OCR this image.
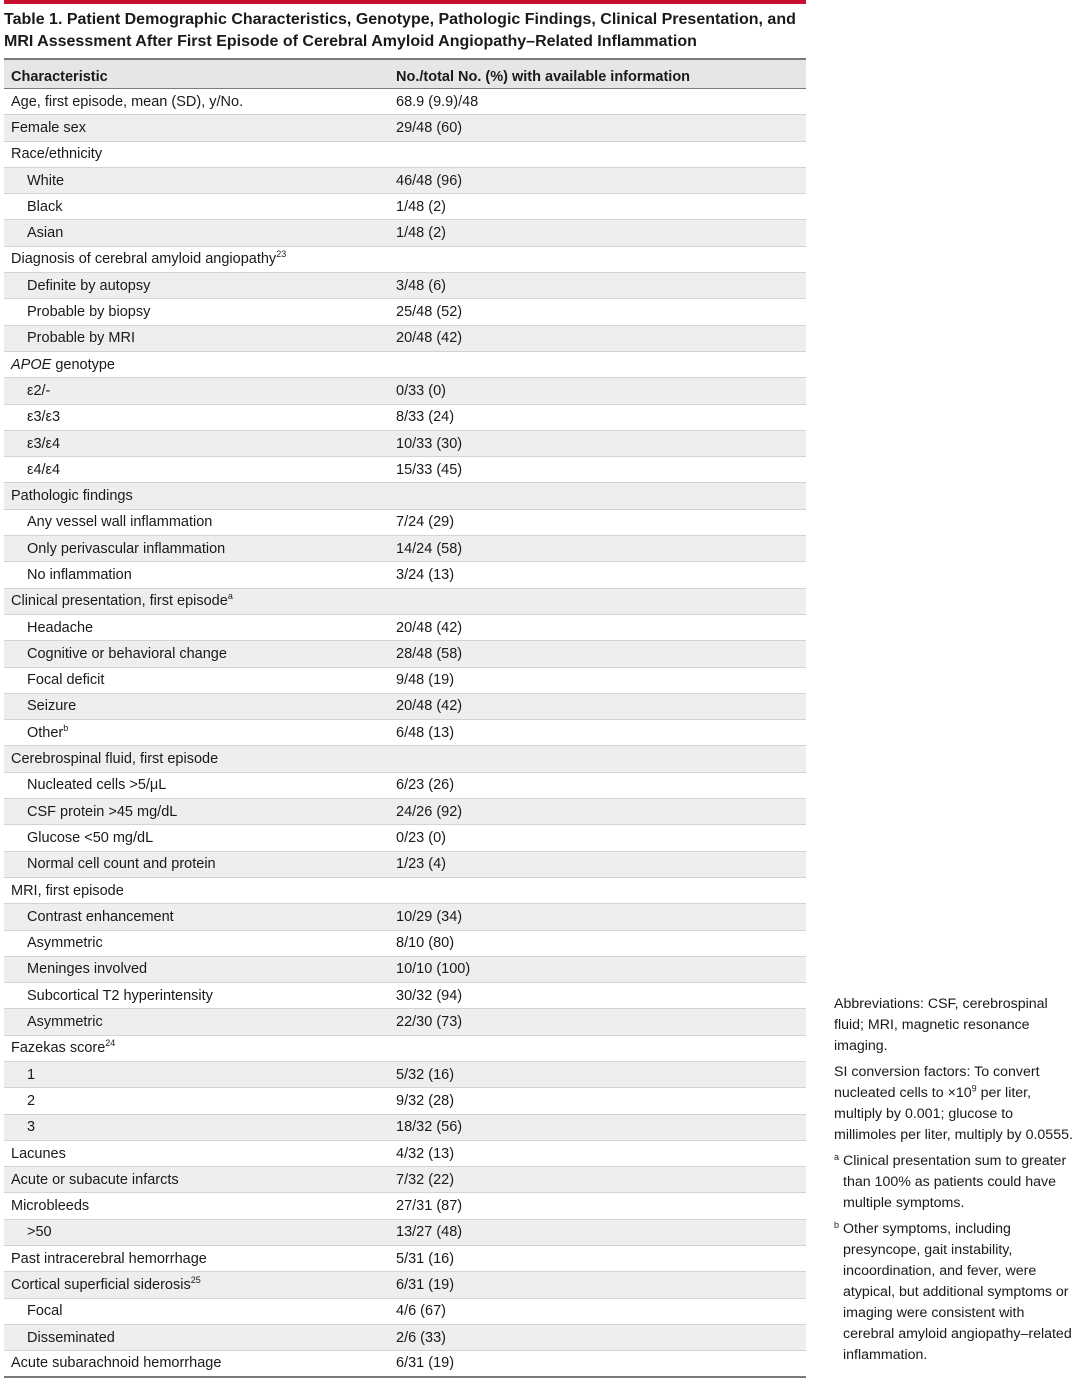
Table 1. Patient Demographic Characteristics, Genotype, Pathologic Findings, Clinical Presentation, and MRI Assessment After First Episode of Cerebral Amyloid Angiopathy–Related Inflammation
Characteristic	No./total No. (%) with available information
Age, first episode, mean (SD), y/No.	68.9 (9.9)/48
Female sex	29/48 (60)
Race/ethnicity
White	46/48 (96)
Black	1/48 (2)
Asian	1/48 (2)
Diagnosis of cerebral amyloid angiopathy$^{23}$
Definite by autopsy	3/48 (6)
Probable by biopsy	25/48 (52)
Probable by MRI	20/48 (42)
APOE genotype
ε2/-	0/33 (0)
ε3/ε3	8/33 (24)
ε3/ε4	10/33 (30)
ε4/ε4	15/33 (45)
Pathologic findings
Any vessel wall inflammation	7/24 (29)
Only perivascular inflammation	14/24 (58)
No inflammation	3/24 (13)
Clinical presentation, first episode$^a$
Headache	20/48 (42)
Cognitive or behavioral change	28/48 (58)
Focal deficit	9/48 (19)
Seizure	20/48 (42)
Other$^b$	6/48 (13)
Cerebrospinal fluid, first episode
Nucleated cells >5/μL	6/23 (26)
CSF protein >45 mg/dL	24/26 (92)
Glucose <50 mg/dL	0/23 (0)
Normal cell count and protein	1/23 (4)
MRI, first episode
Contrast enhancement	10/29 (34)
Asymmetric	8/10 (80)
Meninges involved	10/10 (100)
Subcortical T2 hyperintensity	30/32 (94)
Asymmetric	22/30 (73)
Fazekas score$^{24}$
1	5/32 (16)
2	9/32 (28)
3	18/32 (56)
Lacunes	4/32 (13)
Acute or subacute infarcts	7/32 (22)
Microbleeds	27/31 (87)
>50	13/27 (48)
Past intracerebral hemorrhage	5/31 (16)
Cortical superficial siderosis$^{25}$	6/31 (19)
Focal	4/6 (67)
Disseminated	2/6 (33)
Acute subarachnoid hemorrhage	6/31 (19)

Abbreviations: CSF, cerebrospinal fluid; MRI, magnetic resonance imaging.

SI conversion factors: To convert nucleated cells to $\times 10^9$ per liter, multiply by 0.001; glucose to millimoles per liter, multiply by 0.0555.

a Clinical presentation sum to greater than 100% as patients could have multiple symptoms.

b Other symptoms, including presyncope, gait instability, incoordination, and fever, were atypical, but additional symptoms or imaging were consistent with cerebral amyloid angiopathy–related inflammation.
